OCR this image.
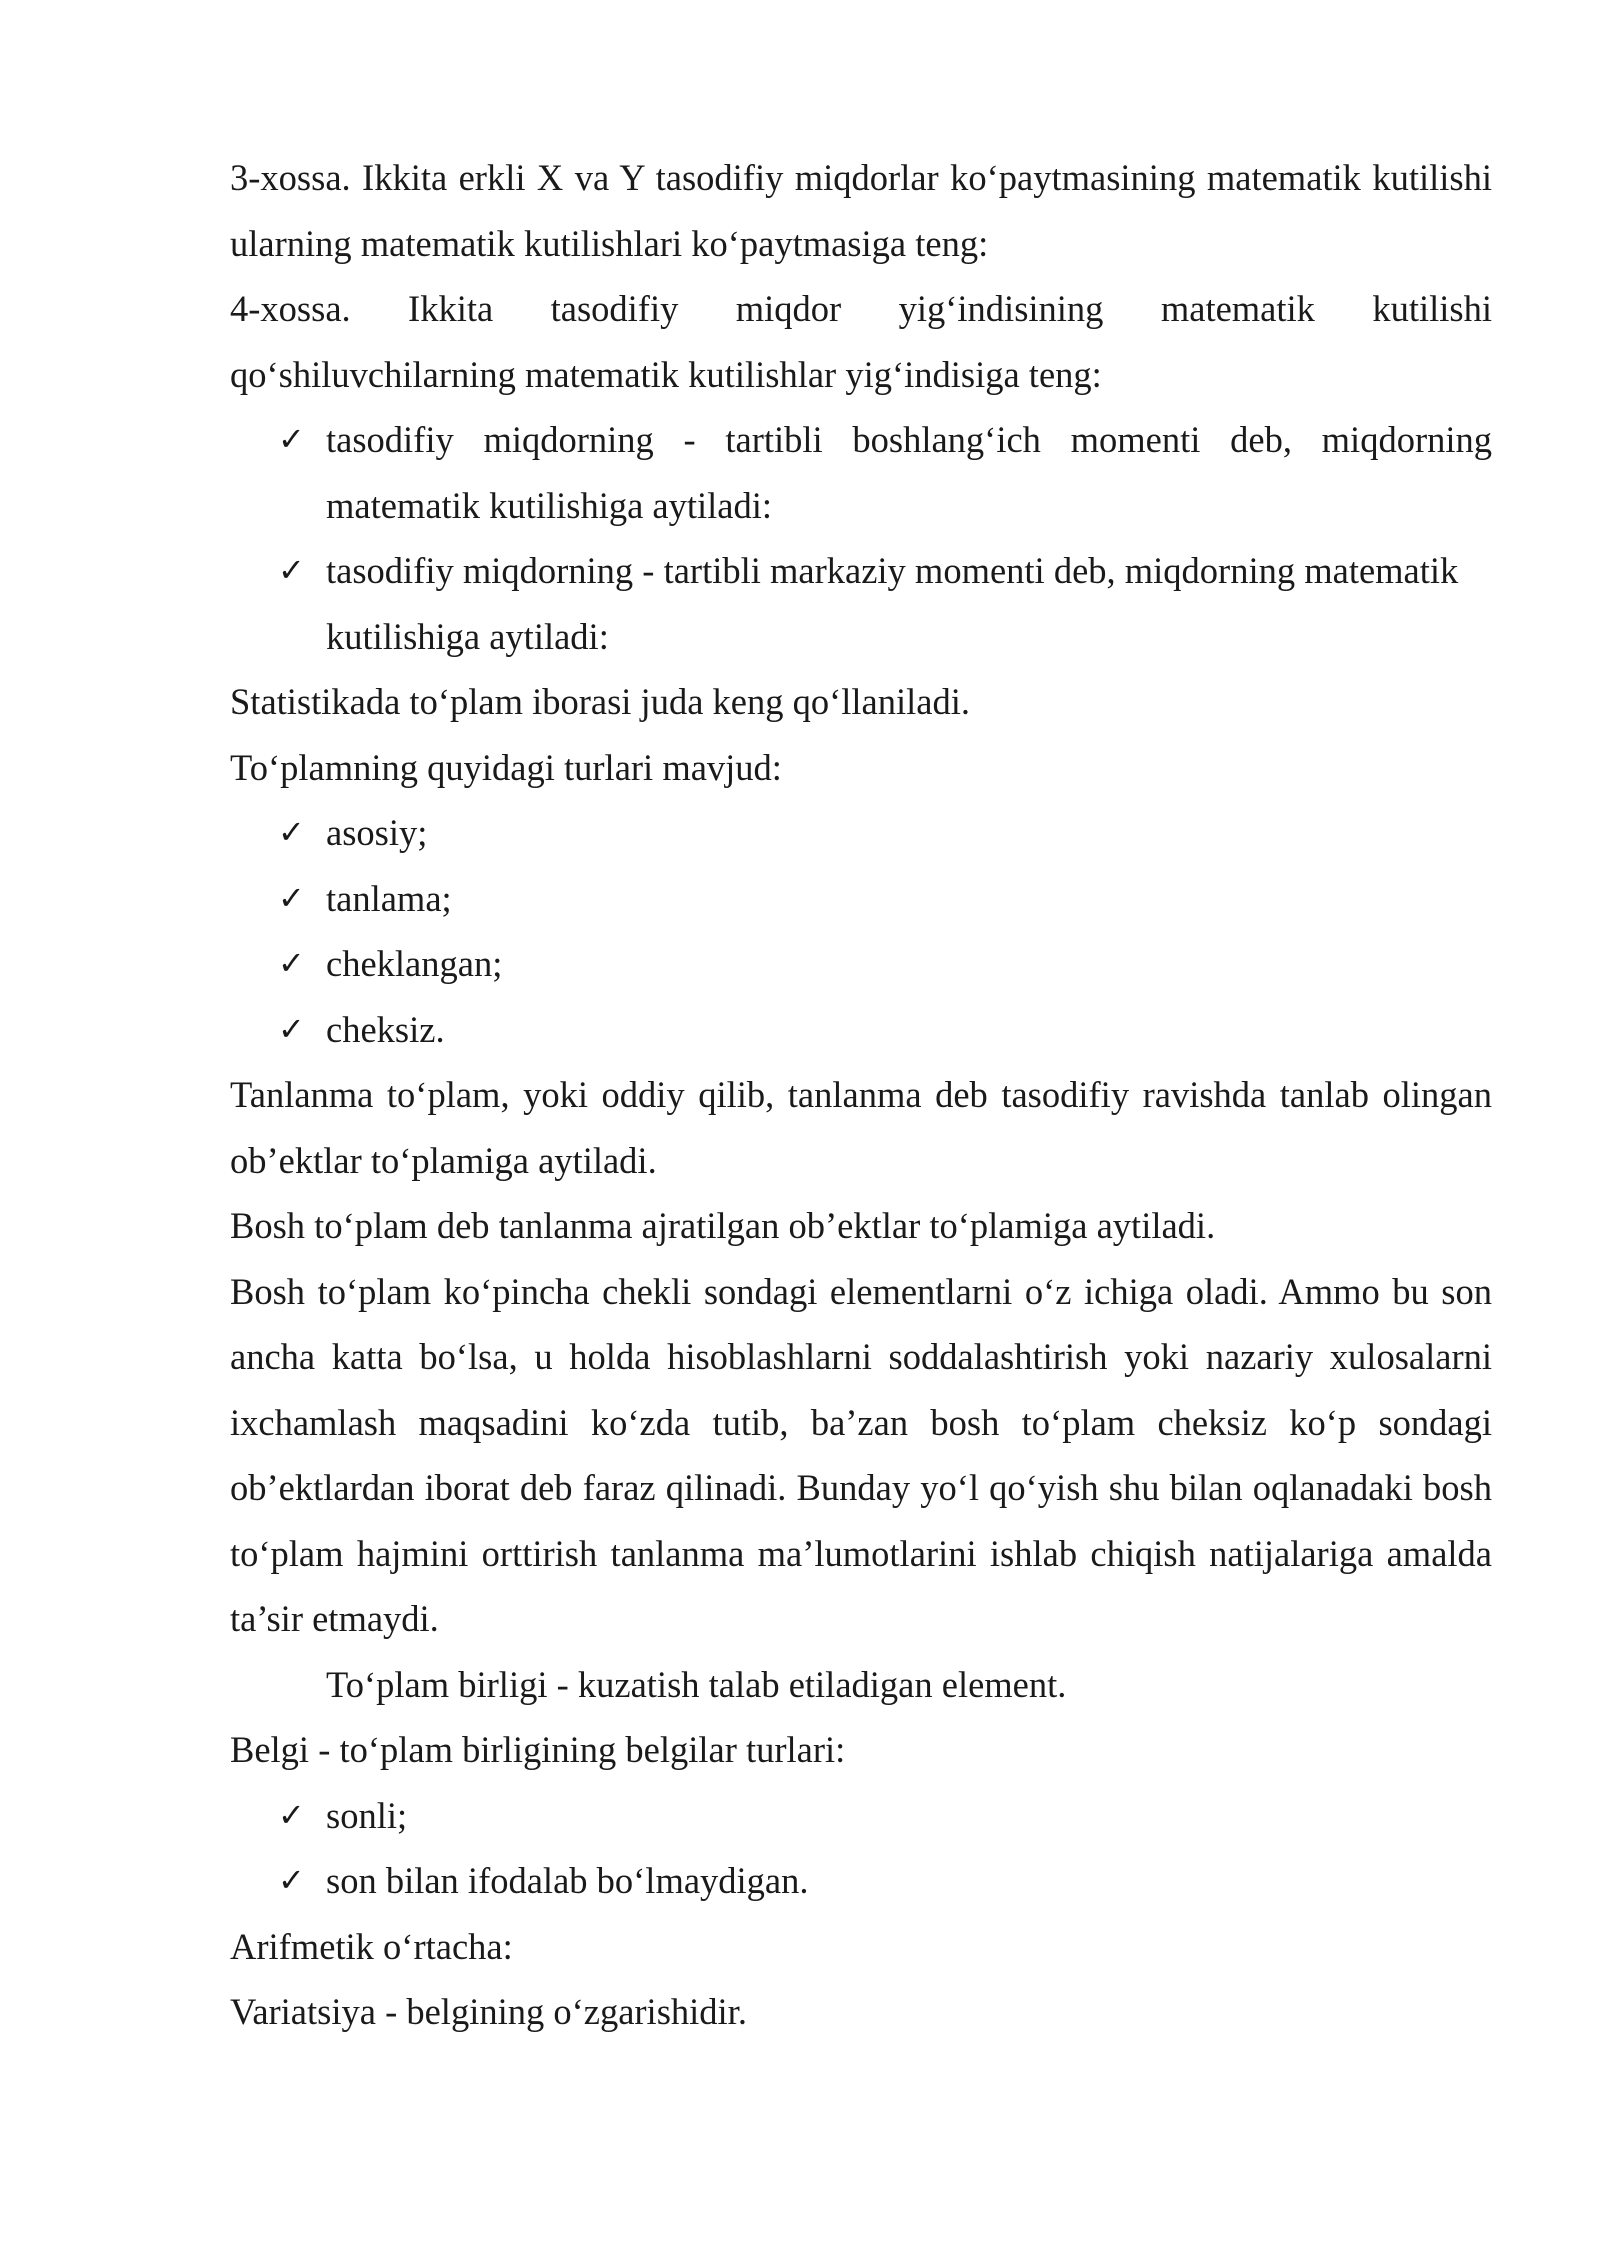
3-xossa. Ikkita erkli X va Y tasodifiy miqdorlar ko‘paytmasining matematik kutilishi ularning matematik kutilishlari ko‘paytmasiga teng:

4-xossa. Ikkita tasodifiy miqdor yig‘indisining matematik kutilishi qo‘shiluvchilarning matematik kutilishlar yig‘indisiga teng:

✓ tasodifiy miqdorning - tartibli boshlang‘ich momenti deb, miqdorning matematik kutilishiga aytiladi:
✓ tasodifiy miqdorning - tartibli markaziy momenti deb, miqdorning matematik kutilishiga aytiladi:

Statistikada to‘plam iborasi juda keng qo‘llaniladi.

To‘plamning quyidagi turlari mavjud:

✓ asosiy;
✓ tanlama;
✓ cheklangan;
✓ cheksiz.

Tanlanma to‘plam, yoki oddiy qilib, tanlanma deb tasodifiy ravishda tanlab olingan ob’ektlar to‘plamiga aytiladi.

Bosh to‘plam deb tanlanma ajratilgan ob’ektlar to‘plamiga aytiladi.

Bosh to‘plam ko‘pincha chekli sondagi elementlarni o‘z ichiga oladi. Ammo bu son ancha katta bo‘lsa, u holda hisoblashlarni soddalashtirish yoki nazariy xulosalarni ixchamlash maqsadini ko‘zda tutib, ba’zan bosh to‘plam cheksiz ko‘p sondagi ob’ektlardan iborat deb faraz qilinadi. Bunday yo‘l qo‘yish shu bilan oqlanadaki bosh to‘plam hajmini orttirish tanlanma ma’lumotlarini ishlab chiqish natijalariga amalda ta’sir etmaydi.

To‘plam birligi - kuzatish talab etiladigan element.

Belgi - to‘plam birligining belgilar turlari:

✓ sonli;
✓ son bilan ifodalab bo‘lmaydigan.

Arifmetik o‘rtacha:

Variatsiya - belgining o‘zgarishidir.
